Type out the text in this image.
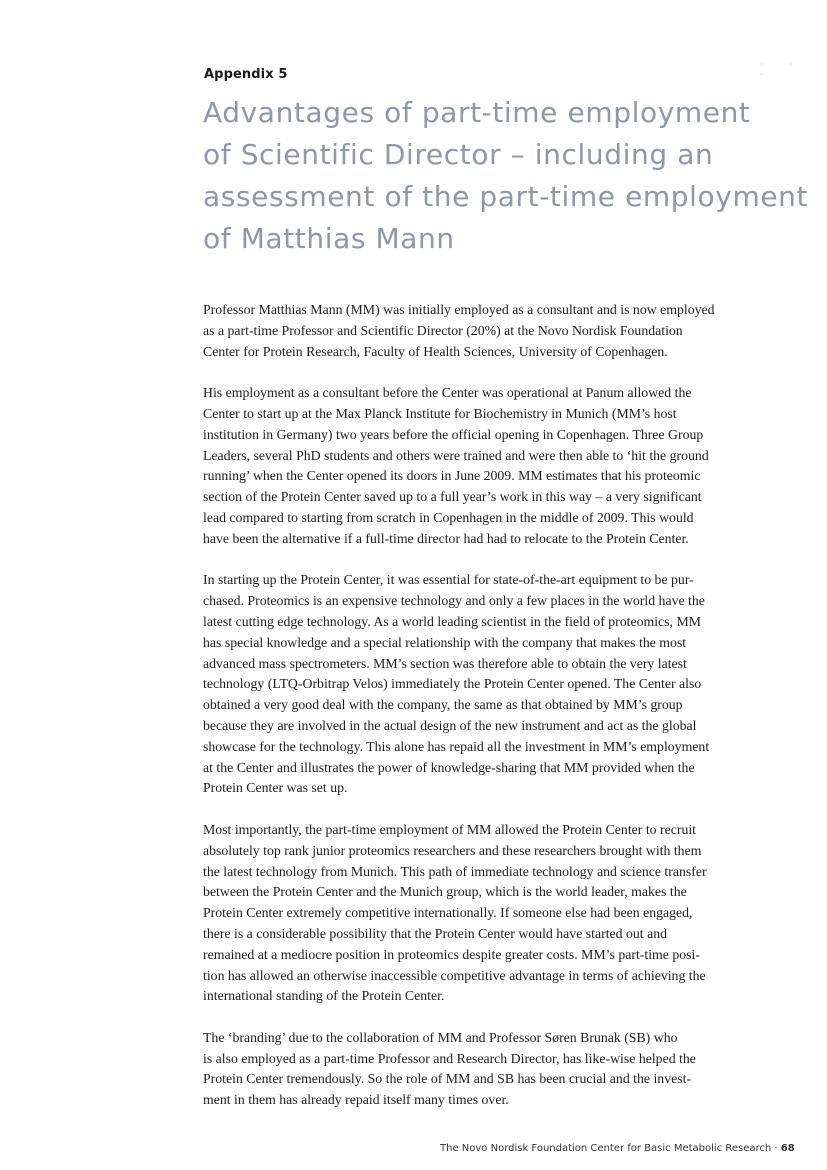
· · ·
Appendix 5
Advantages of part-time employment
of Scientific Director – including an
assessment of the part-time employment
of Matthias Mann

Professor Matthias Mann (MM) was initially employed as a consultant and is now employed
as a part-time Professor and Scientific Director (20%) at the Novo Nordisk Foundation
Center for Protein Research, Faculty of Health Sciences, University of Copenhagen.

His employment as a consultant before the Center was operational at Panum allowed the
Center to start up at the Max Planck Institute for Biochemistry in Munich (MM’s host
institution in Germany) two years before the official opening in Copenhagen. Three Group
Leaders, several PhD students and others were trained and were then able to ‘hit the ground
running’ when the Center opened its doors in June 2009. MM estimates that his proteomic
section of the Protein Center saved up to a full year’s work in this way – a very significant
lead compared to starting from scratch in Copenhagen in the middle of 2009. This would
have been the alternative if a full-time director had had to relocate to the Protein Center.

In starting up the Protein Center, it was essential for state-of-the-art equipment to be pur-
chased. Proteomics is an expensive technology and only a few places in the world have the
latest cutting edge technology. As a world leading scientist in the field of proteomics, MM
has special knowledge and a special relationship with the company that makes the most
advanced mass spectrometers. MM’s section was therefore able to obtain the very latest
technology (LTQ-Orbitrap Velos) immediately the Protein Center opened. The Center also
obtained a very good deal with the company, the same as that obtained by MM’s group
because they are involved in the actual design of the new instrument and act as the global
showcase for the technology. This alone has repaid all the investment in MM’s employment
at the Center and illustrates the power of knowledge-sharing that MM provided when the
Protein Center was set up.

Most importantly, the part-time employment of MM allowed the Protein Center to recruit
absolutely top rank junior proteomics researchers and these researchers brought with them
the latest technology from Munich. This path of immediate technology and science transfer
between the Protein Center and the Munich group, which is the world leader, makes the
Protein Center extremely competitive internationally. If someone else had been engaged,
there is a considerable possibility that the Protein Center would have started out and
remained at a mediocre position in proteomics despite greater costs. MM’s part-time posi-
tion has allowed an otherwise inaccessible competitive advantage in terms of achieving the
international standing of the Protein Center.

The ‘branding’ due to the collaboration of MM and Professor Søren Brunak (SB) who
is also employed as a part-time Professor and Research Director, has like-wise helped the
Protein Center tremendously. So the role of MM and SB has been crucial and the invest-
ment in them has already repaid itself many times over.

The Novo Nordisk Foundation Center for Basic Metabolic Research · 68
